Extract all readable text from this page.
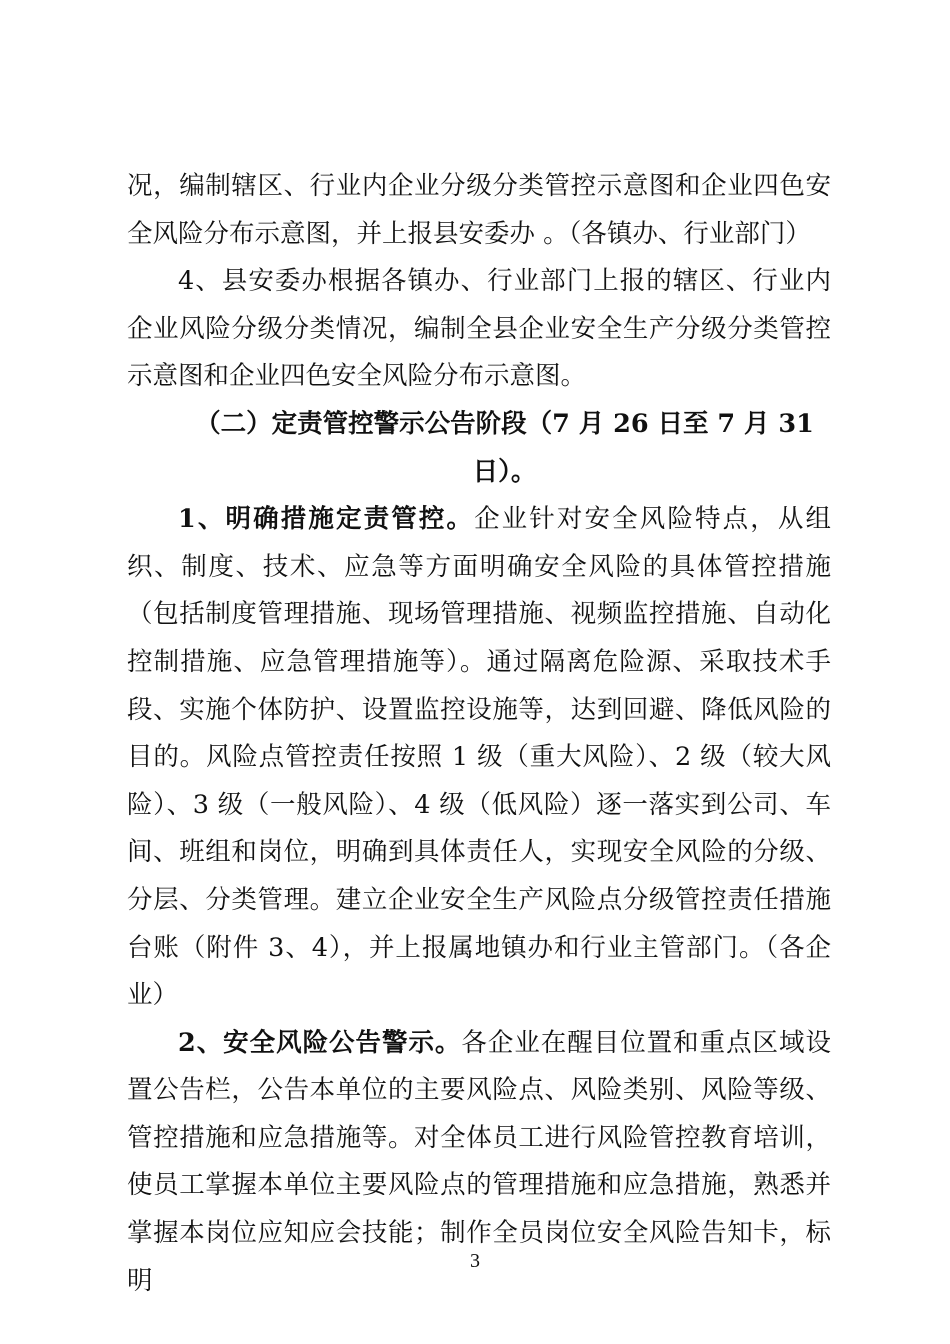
况，编制辖区、行业内企业分级分类管控示意图和企业四色安全风险分布示意图，并上报县安委办 。（各镇办、行业部门）

4、县安委办根据各镇办、行业部门上报的辖区、行业内企业风险分级分类情况，编制全县企业安全生产分级分类管控示意图和企业四色安全风险分布示意图。

（二）定责管控警示公告阶段（7 月 26 日至 7 月 31 日）。

1、明确措施定责管控。企业针对安全风险特点，从组织、制度、技术、应急等方面明确安全风险的具体管控措施（包括制度管理措施、现场管理措施、视频监控措施、自动化控制措施、应急管理措施等）。通过隔离危险源、采取技术手段、实施个体防护、设置监控设施等，达到回避、降低风险的目的。风险点管控责任按照 1 级（重大风险）、2 级（较大风险）、3 级（一般风险）、4 级（低风险）逐一落实到公司、车间、班组和岗位，明确到具体责任人，实现安全风险的分级、分层、分类管理。建立企业安全生产风险点分级管控责任措施台账（附件 3、4），并上报属地镇办和行业主管部门。（各企业）

2、安全风险公告警示。各企业在醒目位置和重点区域设置公告栏，公告本单位的主要风险点、风险类别、风险等级、管控措施和应急措施等。对全体员工进行风险管控教育培训，使员工掌握本单位主要风险点的管理措施和应急措施，熟悉并掌握本岗位应知应会技能；制作全员岗位安全风险告知卡，标明

3
